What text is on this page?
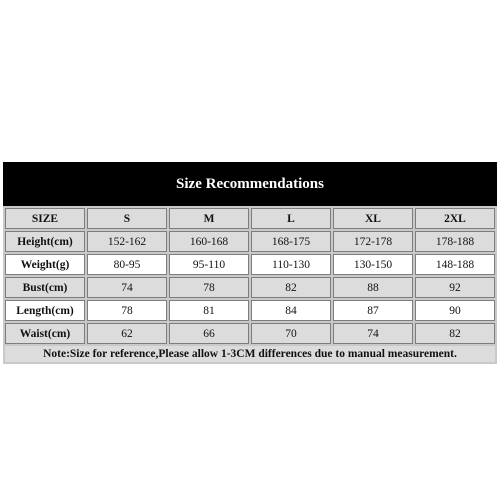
Size Recommendations
SIZE	S	M	L	XL	2XL
Height(cm)	152-162	160-168	168-175	172-178	178-188
Weight(g)	80-95	95-110	110-130	130-150	148-188
Bust(cm)	74	78	82	88	92
Length(cm)	78	81	84	87	90
Waist(cm)	62	66	70	74	82
Note:Size for reference,Please allow 1-3CM differences due to manual measurement.
